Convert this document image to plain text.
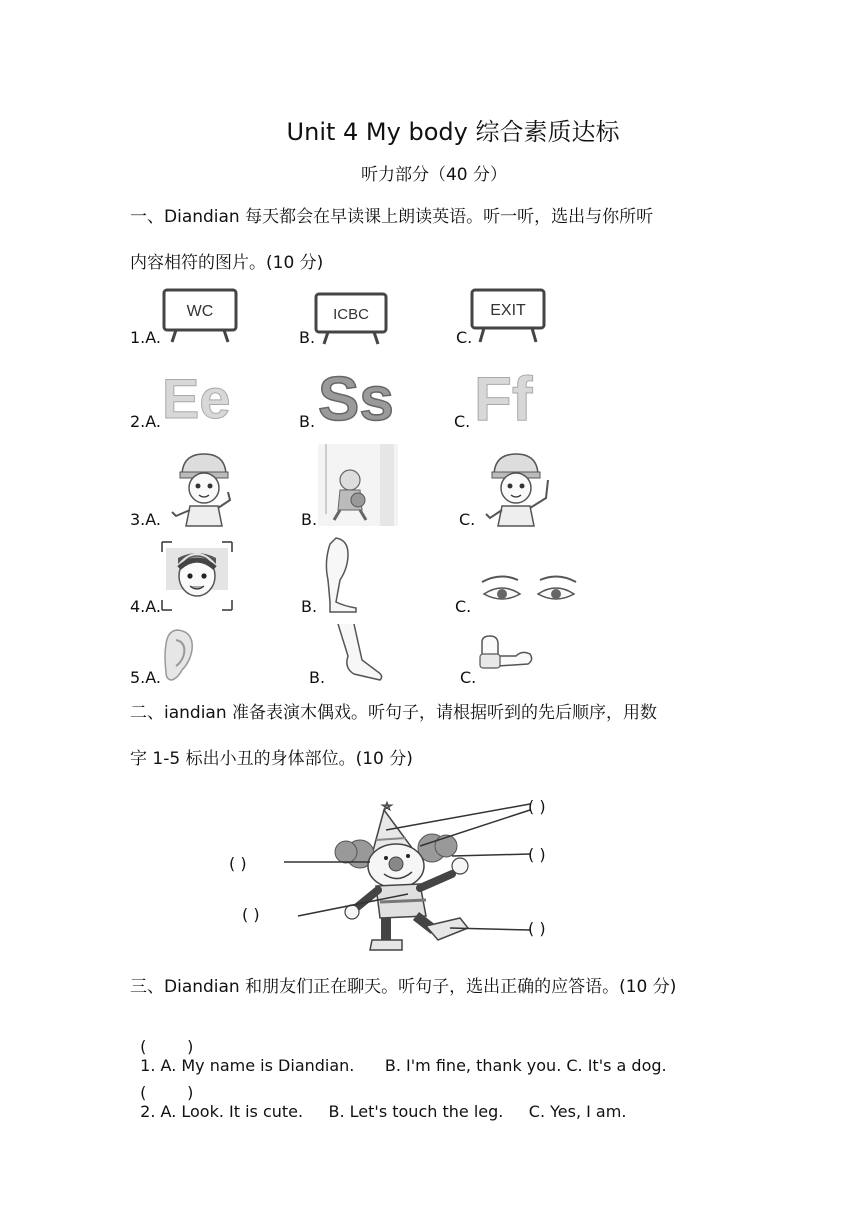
Unit 4 My body 综合素质达标
听力部分（40 分）
一、Diandian 每天都会在早读课上朗读英语。听一听，选出与你所听
内容相符的图片。(10 分)
1.A.	B.	C.
WC	ICBC	EXIT
2.A.	B.	C.
Ee Ss Ff
3.A.	B.	C.
4.A.	B.	C.
5.A.	B.	C.
二、iandian 准备表演木偶戏。听句子，请根据听到的先后顺序，用数
字 1-5 标出小丑的身体部位。(10 分)
( )
( )
( )
( )
( )
三、Diandian 和朋友们正在聊天。听句子，选出正确的应答语。(10 分)

(        )
1. A. My name is Diandian.      B. I'm fine, thank you. C. It's a dog.

(        )
2. A. Look. It is cute.     B. Let's touch the leg.     C. Yes, I am.
